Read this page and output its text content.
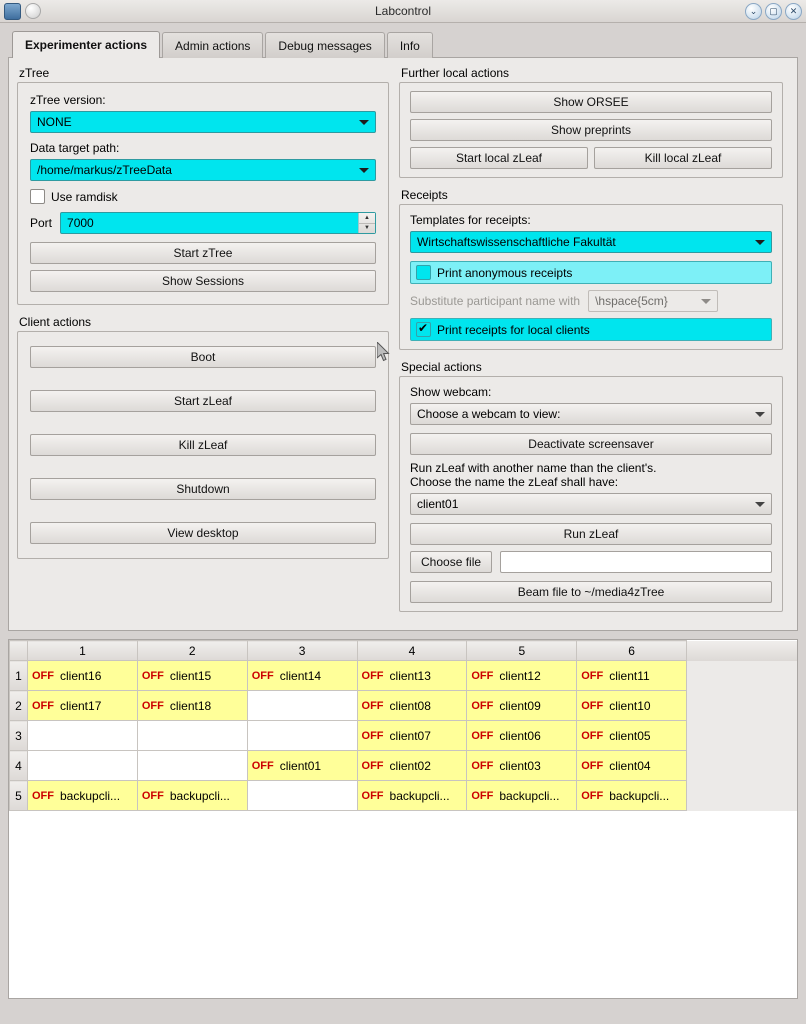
Labcontrol	⌄	▢	✕
Experimenter actions	Admin actions	Debug messages	Info
zTree
zTree version:
NONE
Data target path:
/home/markus/zTreeData
Use ramdisk
Port 7000	▲
▼
Start zTree
Show Sessions
Client actions
Boot
Start zLeaf
Kill zLeaf
Shutdown
View desktop
Further local actions
Show ORSEE
Show preprints
Start local zLeaf	Kill local zLeaf
Receipts
Templates for receipts:
Wirtschaftswissenschaftliche Fakultät
Print anonymous receipts
Substitute participant name with \hspace{5cm}
✔
Print receipts for local clients
Special actions
Show webcam:
Choose a webcam to view:
Deactivate screensaver
Run zLeaf with another name than the client's.
Choose the name the zLeaf shall have:
client01
Run zLeaf
Choose file
Beam file to ~/media4zTree
	1	2	3	4	5	6	
1	OFF client16	OFF client15	OFF client14	OFF client13	OFF client12	OFF client11	

2	OFF client17	OFF client18		OFF client08	OFF client09	OFF client10	

3				OFF client07	OFF client06	OFF client05	

4			OFF client01	OFF client02	OFF client03	OFF client04	

5	OFF backupcli...	OFF backupcli...		OFF backupcli...	OFF backupcli...	OFF backupcli...	
